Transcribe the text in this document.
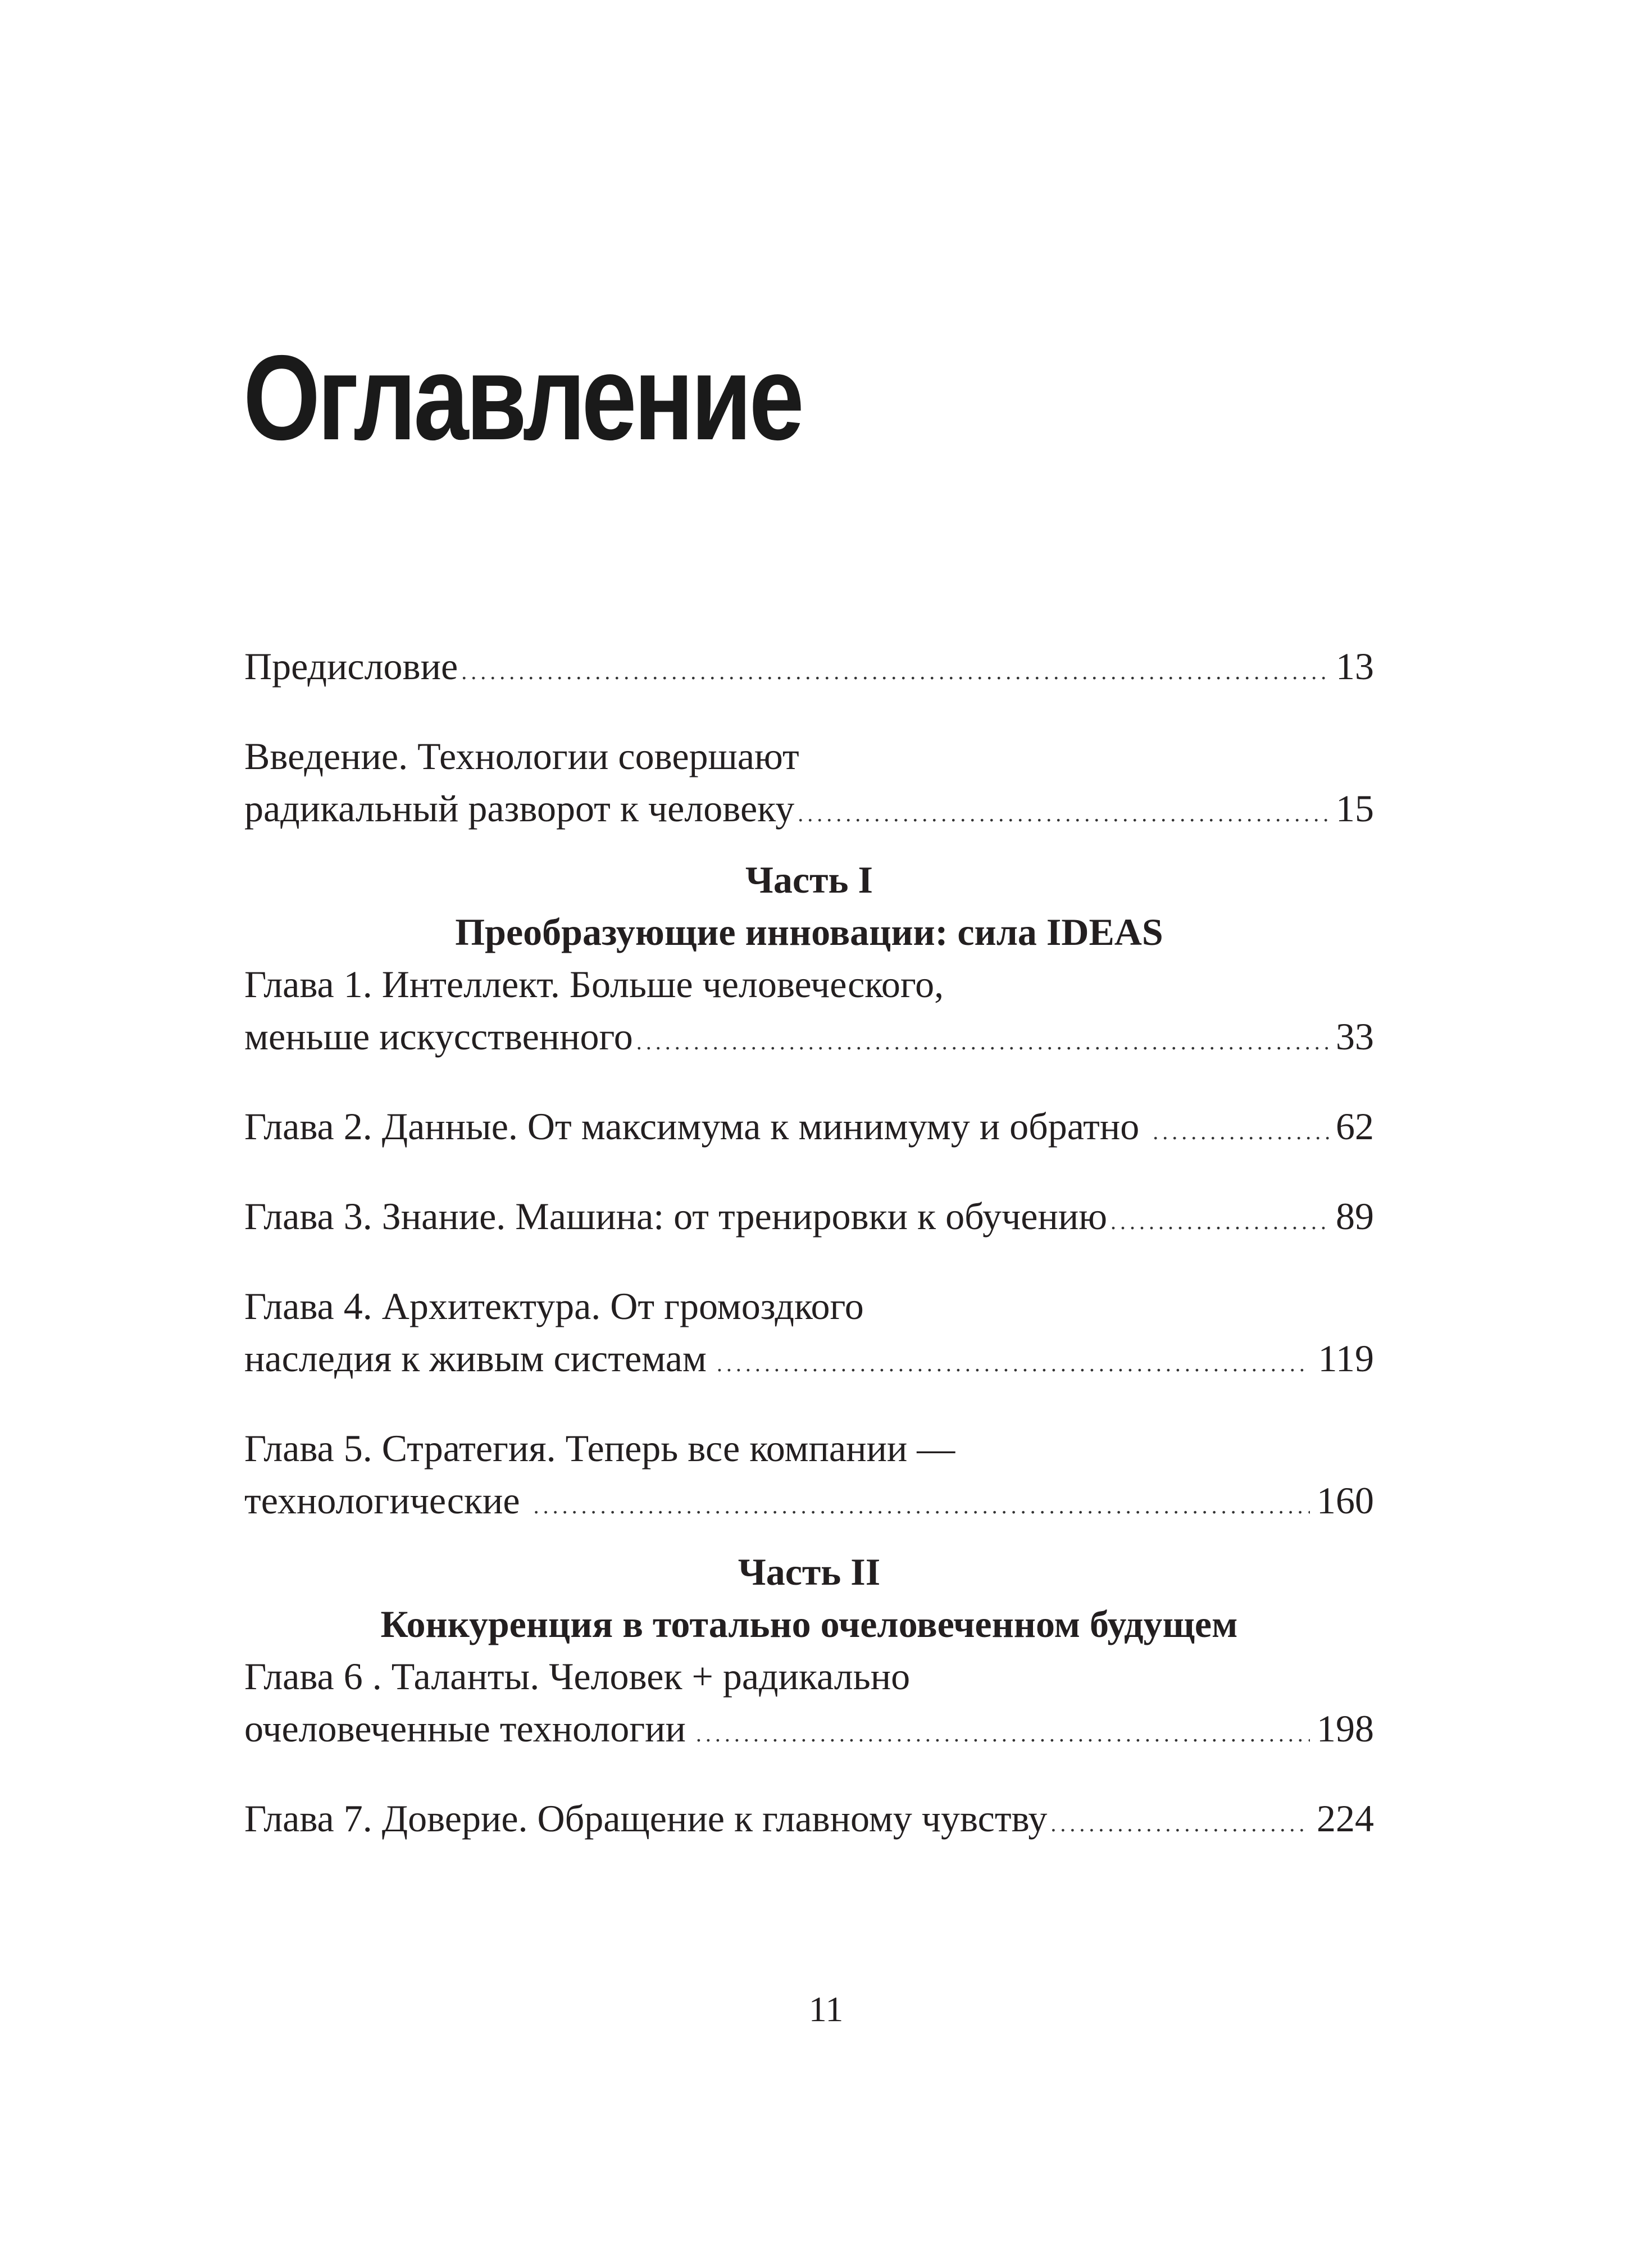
Оглавление
Предисловие .....	13
Введение. Технологии совершают
радикальный разворот к человеку .....	15
Часть I
Преобразующие инновации: сила IDEAS
Глава 1. Интеллект. Больше человеческого,
меньше искусственного .....	33
Глава 2. Данные. От максимума к минимуму и обратно .....	62
Глава 3. Знание. Машина: от тренировки к обучению .....	89
Глава 4. Архитектура. От громоздкого
наследия к живым системам .....	119
Глава 5. Стратегия. Теперь все компании —
технологические .....	160
Часть II
Конкуренция в тотально очеловеченном будущем
Глава 6 . Таланты. Человек + радикально
очеловеченные технологии .....	198
Глава 7. Доверие. Обращение к главному чувству .....	224
11
